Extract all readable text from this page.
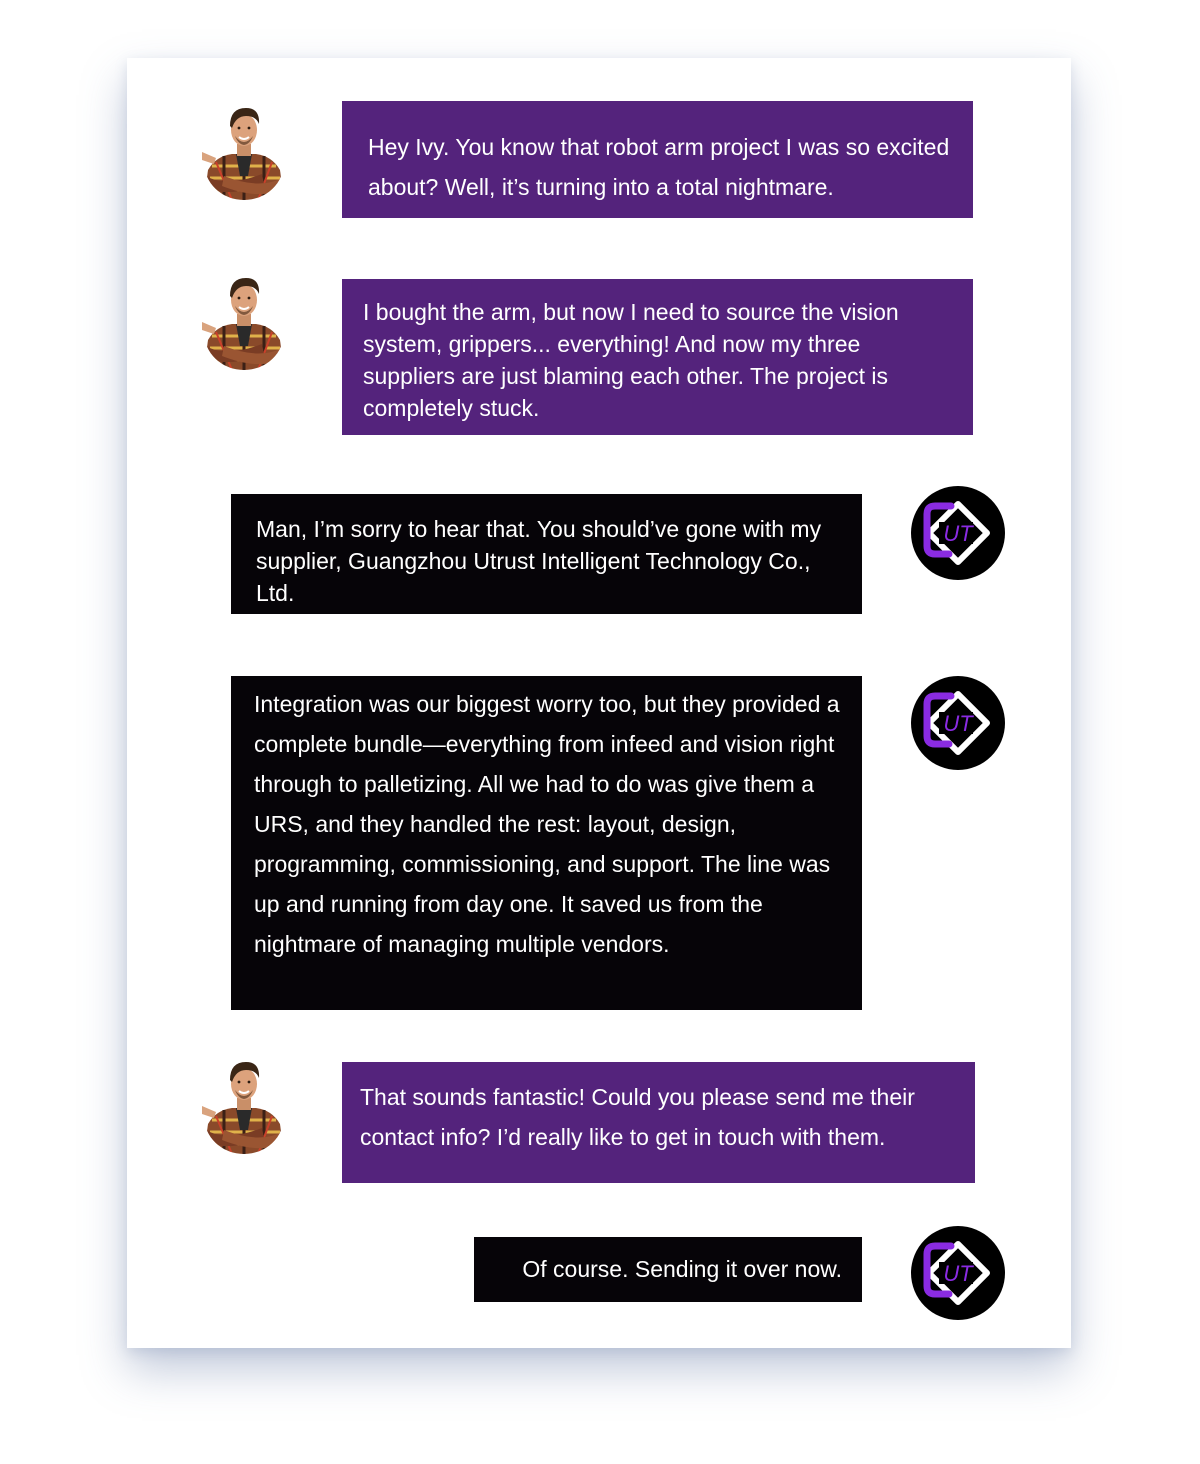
Hey Ivy. You know that robot arm project I was so excited about? Well, it’s turning into a total nightmare.
I bought the arm, but now I need to source the vision system, grippers... everything! And now my three suppliers are just blaming each other. The project is completely stuck.
Man, I’m sorry to hear that. You should’ve gone with my supplier, Guangzhou Utrust Intelligent Technology Co., Ltd.
UT
Integration was our biggest worry too, but they provided a complete bundle—everything from infeed and vision right through to palletizing. All we had to do was give them a URS, and they handled the rest: layout, design, programming, commissioning, and support. The line was up and running from day one. It saved us from the nightmare of managing multiple vendors.
UT
That sounds fantastic! Could you please send me their contact info? I’d really like to get in touch with them.
Of course. Sending it over now.	UT
